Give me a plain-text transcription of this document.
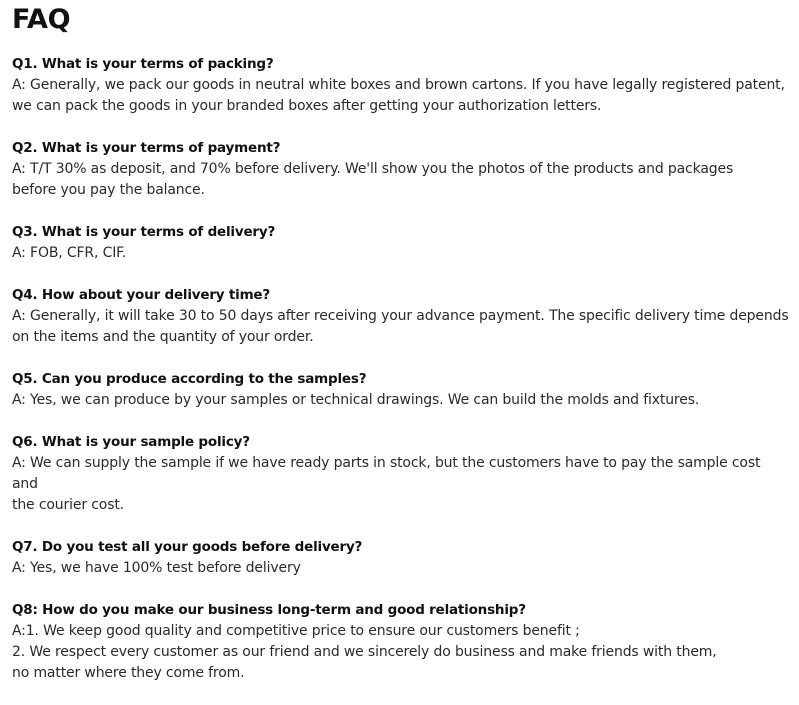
FAQ

Q1. What is your terms of packing?

A: Generally, we pack our goods in neutral white boxes and brown cartons. If you have legally registered patent,

we can pack the goods in your branded boxes after getting your authorization letters.

Q2. What is your terms of payment?

A: T/T 30% as deposit, and 70% before delivery. We'll show you the photos of the products and packages

before you pay the balance.

Q3. What is your terms of delivery?

A: FOB, CFR, CIF.

Q4. How about your delivery time?

A: Generally, it will take 30 to 50 days after receiving your advance payment. The specific delivery time depends

on the items and the quantity of your order.

Q5. Can you produce according to the samples?

A: Yes, we can produce by your samples or technical drawings. We can build the molds and fixtures.

Q6. What is your sample policy?

A: We can supply the sample if we have ready parts in stock, but the customers have to pay the sample cost

and

the courier cost.

Q7. Do you test all your goods before delivery?

A: Yes, we have 100% test before delivery

Q8: How do you make our business long-term and good relationship?

A:1. We keep good quality and competitive price to ensure our customers benefit ;

2. We respect every customer as our friend and we sincerely do business and make friends with them,

no matter where they come from.
